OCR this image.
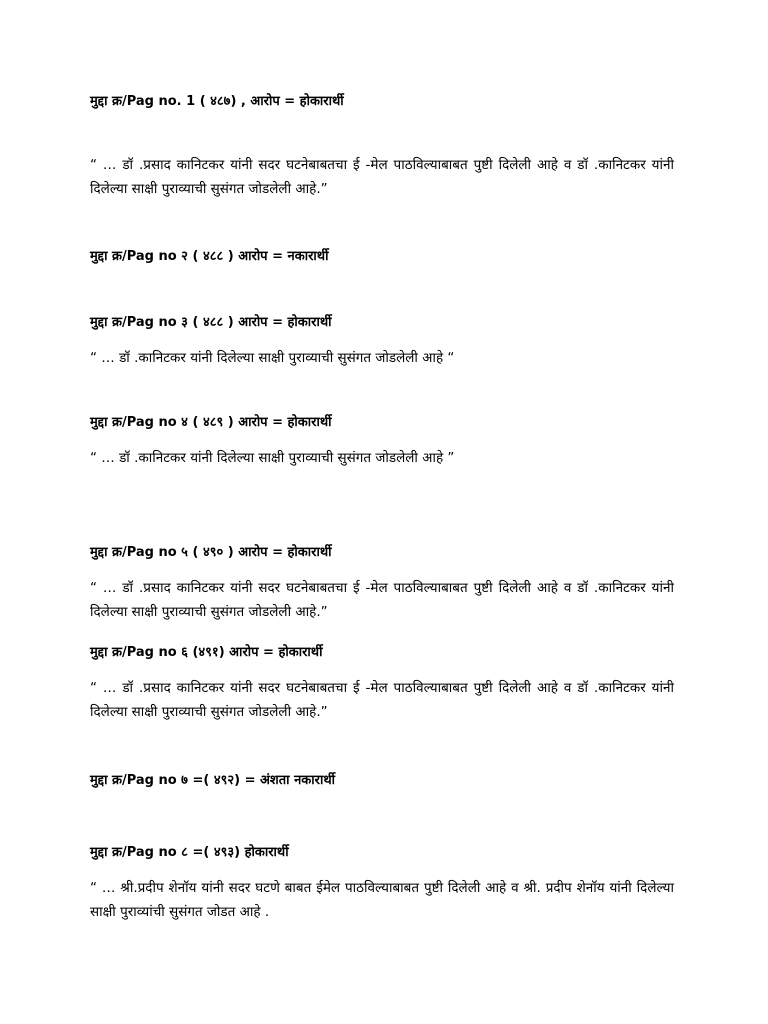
मुद्दा क्र/Pag no. 1 ( ४८७) , आरोप = होकारार्थी
“ … डॉ .प्रसाद कानिटकर यांनी सदर घटनेबाबतचा ई -मेल पाठविल्याबाबत पुष्टी दिलेली आहे व डॉ .कानिटकर यांनी दिलेल्या साक्षी पुराव्याची सुसंगत जोडलेली आहे.”
मुद्दा क्र/Pag no २ ( ४८८ ) आरोप = नकारार्थी
मुद्दा क्र/Pag no ३ ( ४८८ ) आरोप = होकारार्थी
“ … डॉ .कानिटकर यांनी दिलेल्या साक्षी पुराव्याची सुसंगत जोडलेली आहे “
मुद्दा क्र/Pag no ४ ( ४८९ ) आरोप = होकारार्थी
“ … डॉ .कानिटकर यांनी दिलेल्या साक्षी पुराव्याची सुसंगत जोडलेली आहे ”
मुद्दा क्र/Pag no ५ ( ४९० ) आरोप = होकारार्थी
“ … डॉ .प्रसाद कानिटकर यांनी सदर घटनेबाबतचा ई -मेल पाठविल्याबाबत पुष्टी दिलेली आहे व डॉ .कानिटकर यांनी दिलेल्या साक्षी पुराव्याची सुसंगत जोडलेली आहे.”
मुद्दा क्र/Pag no ६ (४९१) आरोप = होकारार्थी
“ … डॉ .प्रसाद कानिटकर यांनी सदर घटनेबाबतचा ई -मेल पाठविल्याबाबत पुष्टी दिलेली आहे व डॉ .कानिटकर यांनी दिलेल्या साक्षी पुराव्याची सुसंगत जोडलेली आहे.”
मुद्दा क्र/Pag no ७ =( ४९२) = अंशता नकारार्थी
मुद्दा क्र/Pag no ८ =( ४९३) होकारार्थी
“ … श्री.प्रदीप शेनॉय यांनी सदर घटणे बाबत ईमेल पाठविल्याबाबत पुष्टी दिलेली आहे व श्री. प्रदीप शेनॉय यांनी दिलेल्या साक्षी पुराव्यांची सुसंगत जोडत आहे .
